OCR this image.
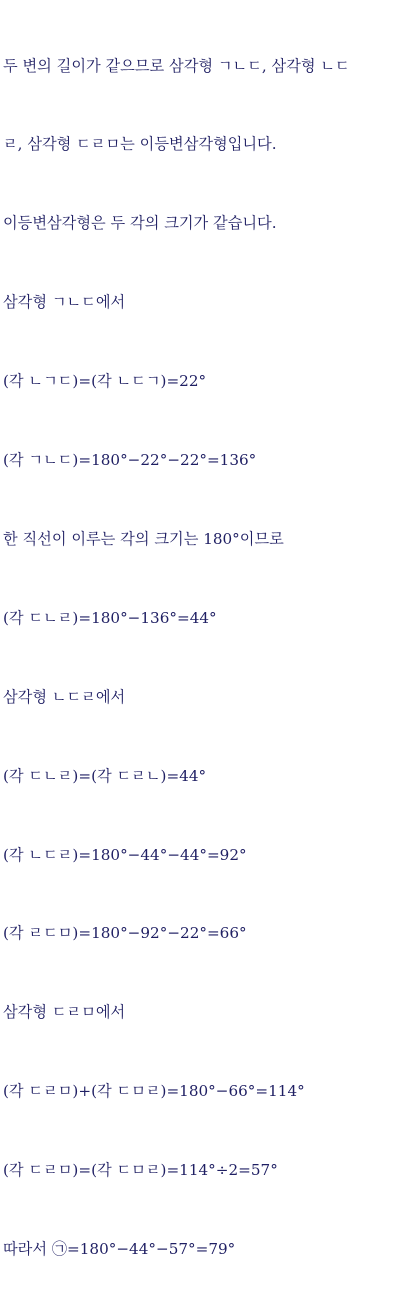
두 변의 길이가 같으므로 삼각형 ㄱㄴㄷ, 삼각형 ㄴㄷ

ㄹ, 삼각형 ㄷㄹㅁ는 이등변삼각형입니다.

이등변삼각형은 두 각의 크기가 같습니다.

삼각형 ㄱㄴㄷ에서

(각 ㄴㄱㄷ)=(각 ㄴㄷㄱ)=22°

(각 ㄱㄴㄷ)=180°−22°−22°=136°

한 직선이 이루는 각의 크기는 180°이므로

(각 ㄷㄴㄹ)=180°−136°=44°

삼각형 ㄴㄷㄹ에서

(각 ㄷㄴㄹ)=(각 ㄷㄹㄴ)=44°

(각 ㄴㄷㄹ)=180°−44°−44°=92°

(각 ㄹㄷㅁ)=180°−92°−22°=66°

삼각형 ㄷㄹㅁ에서

(각 ㄷㄹㅁ)+(각 ㄷㅁㄹ)=180°−66°=114°

(각 ㄷㄹㅁ)=(각 ㄷㅁㄹ)=114°÷2=57°

따라서 ㉠=180°−44°−57°=79°
